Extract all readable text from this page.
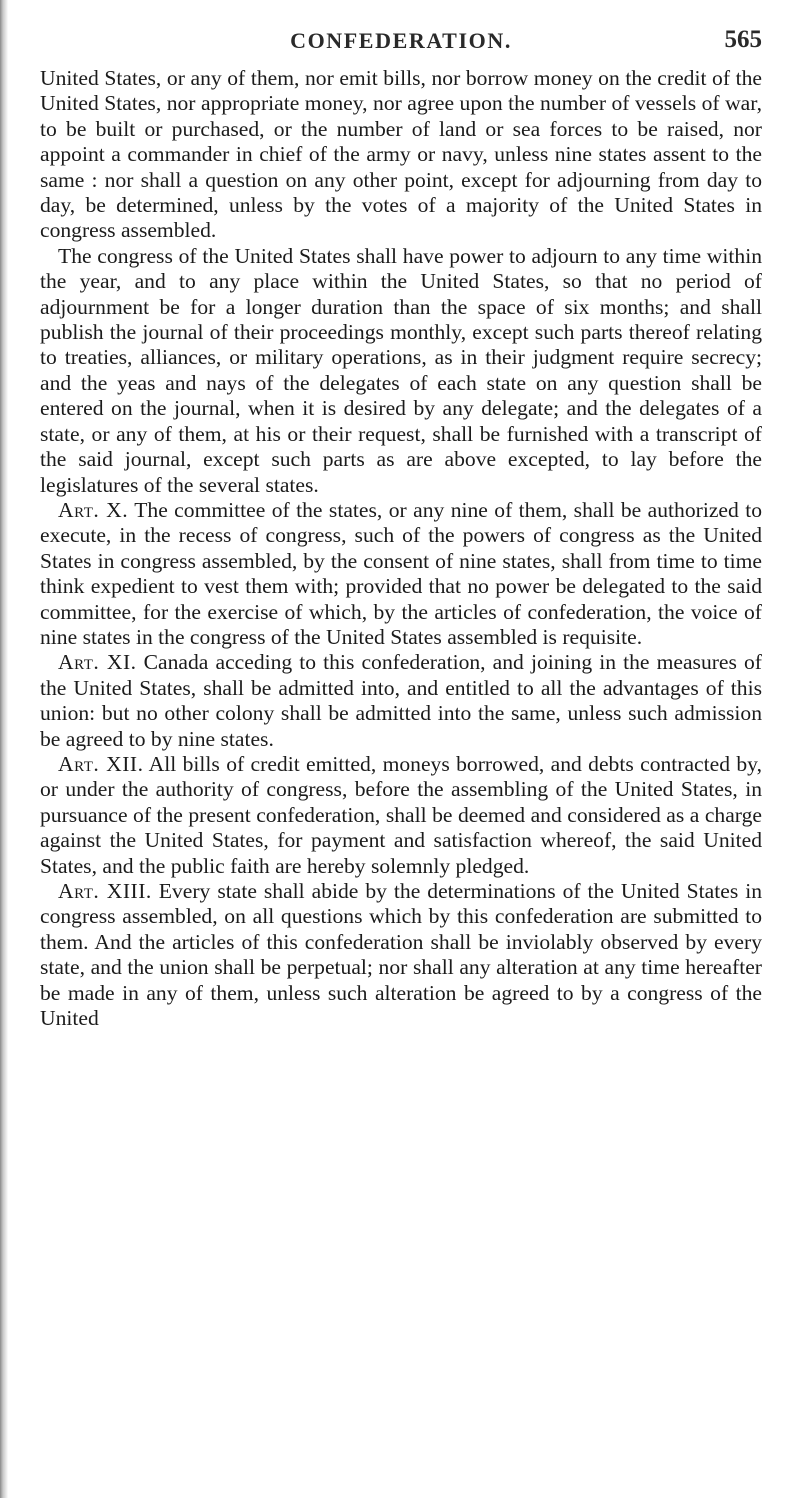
CONFEDERATION.	565

United States, or any of them, nor emit bills, nor borrow money on the credit of the United States, nor appropriate money, nor agree upon the number of vessels of war, to be built or purchased, or the number of land or sea forces to be raised, nor appoint a commander in chief of the army or navy, unless nine states assent to the same : nor shall a question on any other point, except for adjourning from day to day, be determined, unless by the votes of a majority of the United States in congress assembled.

The congress of the United States shall have power to adjourn to any time within the year, and to any place within the United States, so that no period of adjournment be for a longer duration than the space of six months; and shall publish the journal of their proceedings monthly, except such parts thereof relating to treaties, alliances, or military operations, as in their judgment require secrecy; and the yeas and nays of the delegates of each state on any question shall be entered on the journal, when it is desired by any delegate; and the delegates of a state, or any of them, at his or their request, shall be furnished with a transcript of the said journal, except such parts as are above excepted, to lay before the legislatures of the several states.

Art. X. The committee of the states, or any nine of them, shall be authorized to execute, in the recess of congress, such of the powers of congress as the United States in congress assembled, by the consent of nine states, shall from time to time think expedient to vest them with; provided that no power be delegated to the said committee, for the exercise of which, by the articles of confederation, the voice of nine states in the congress of the United States assembled is requisite.

Art. XI. Canada acceding to this confederation, and joining in the measures of the United States, shall be admitted into, and entitled to all the advantages of this union: but no other colony shall be admitted into the same, unless such admission be agreed to by nine states.

Art. XII. All bills of credit emitted, moneys borrowed, and debts contracted by, or under the authority of congress, before the assembling of the United States, in pursuance of the present confederation, shall be deemed and considered as a charge against the United States, for payment and satisfaction whereof, the said United States, and the public faith are hereby solemnly pledged.

Art. XIII. Every state shall abide by the determinations of the United States in congress assembled, on all questions which by this confederation are submitted to them. And the articles of this confederation shall be inviolably observed by every state, and the union shall be perpetual; nor shall any alteration at any time hereafter be made in any of them, unless such alteration be agreed to by a congress of the United
